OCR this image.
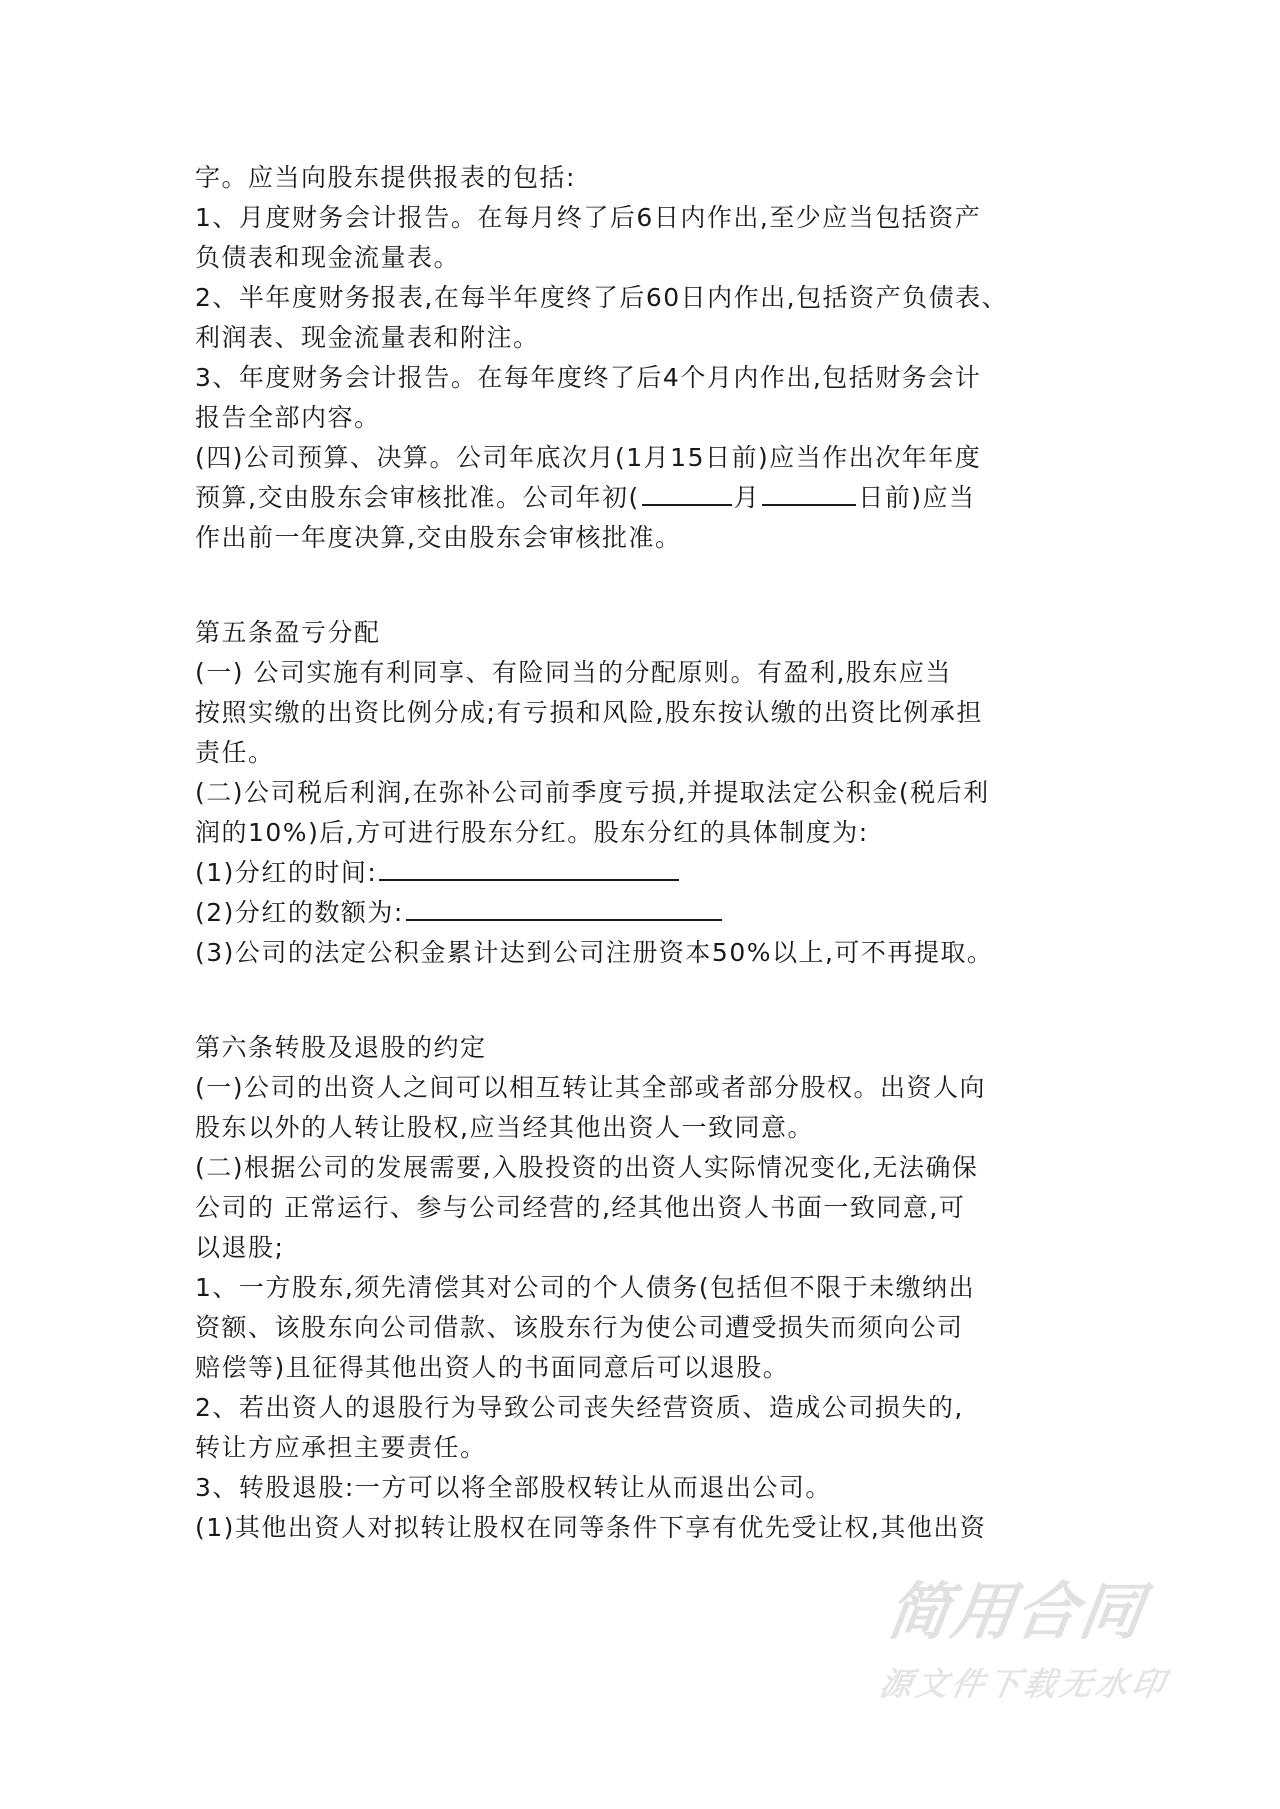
字。应当向股东提供报表的包括:
1、月度财务会计报告。在每月终了后6日内作出,至少应当包括资产
负债表和现金流量表。
2、半年度财务报表,在每半年度终了后60日内作出,包括资产负债表、
利润表、现金流量表和附注。
3、年度财务会计报告。在每年度终了后4个月内作出,包括财务会计
报告全部内容。
(四)公司预算、决算。公司年底次月(1月15日前)应当作出次年年度
预算,交由股东会审核批准。公司年初(	月	日前)应当
作出前一年度决算,交由股东会审核批准。
第五条盈亏分配
(一) 公司实施有利同享、有险同当的分配原则。有盈利,股东应当
按照实缴的出资比例分成;有亏损和风险,股东按认缴的出资比例承担
责任。
(二)公司税后利润,在弥补公司前季度亏损,并提取法定公积金(税后利
润的10%)后,方可进行股东分红。股东分红的具体制度为:
(1)分红的时间:
(2)分红的数额为:
(3)公司的法定公积金累计达到公司注册资本50%以上,可不再提取。
第六条转股及退股的约定
(一)公司的出资人之间可以相互转让其全部或者部分股权。出资人向
股东以外的人转让股权,应当经其他出资人一致同意。
(二)根据公司的发展需要,入股投资的出资人实际情况变化,无法确保
公司的 正常运行、参与公司经营的,经其他出资人书面一致同意,可
以退股;
1、一方股东,须先清偿其对公司的个人债务(包括但不限于未缴纳出
资额、该股东向公司借款、该股东行为使公司遭受损失而须向公司
赔偿等)且征得其他出资人的书面同意后可以退股。
2、若出资人的退股行为导致公司丧失经营资质、造成公司损失的,
转让方应承担主要责任。
3、转股退股:一方可以将全部股权转让从而退出公司。
(1)其他出资人对拟转让股权在同等条件下享有优先受让权,其他出资
简用合同
源文件下载无水印
